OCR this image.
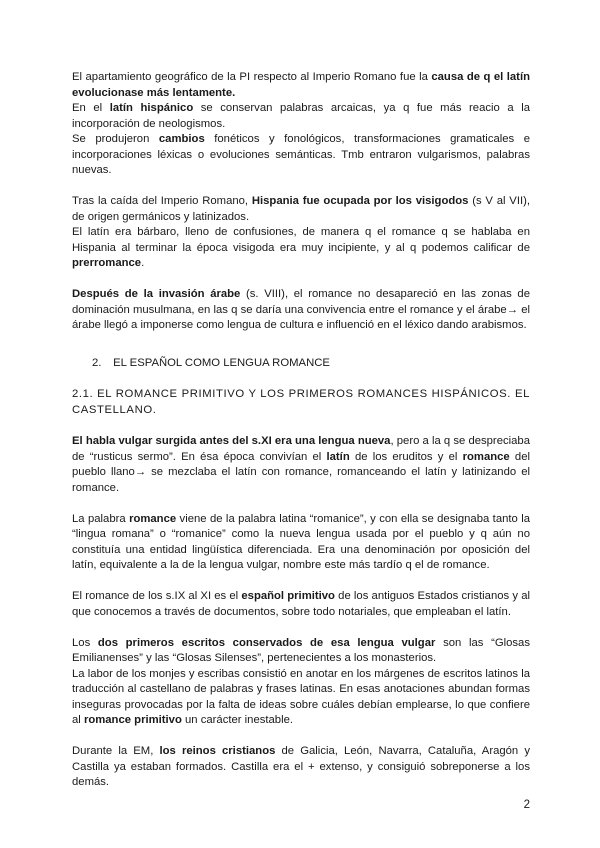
El apartamiento geográfico de la PI respecto al Imperio Romano fue la causa de q el latín evolucionase más lentamente.
En el latín hispánico se conservan palabras arcaicas, ya q fue más reacio a la incorporación de neologismos.
Se produjeron cambios fonéticos y fonológicos, transformaciones gramaticales e incorporaciones léxicas o evoluciones semánticas. Tmb entraron vulgarismos, palabras nuevas.
Tras la caída del Imperio Romano, Hispania fue ocupada por los visigodos (s V al VII), de origen germánicos y latinizados.
El latín era bárbaro, lleno de confusiones, de manera q el romance q se hablaba en Hispania al terminar la época visigoda era muy incipiente, y al q podemos calificar de prerromance.
Después de la invasión árabe (s. VIII), el romance no desapareció en las zonas de dominación musulmana, en las q se daría una convivencia entre el romance y el árabe→ el árabe llegó a imponerse como lengua de cultura e influenció en el léxico dando arabismos.
2. EL ESPAÑOL COMO LENGUA ROMANCE
2.1. EL ROMANCE PRIMITIVO Y LOS PRIMEROS ROMANCES HISPÁNICOS. EL CASTELLANO.
El habla vulgar surgida antes del s.XI era una lengua nueva, pero a la q se despreciaba de “rusticus sermo”. En ésa época convivían el latín de los eruditos y el romance del pueblo llano→ se mezclaba el latín con romance, romanceando el latín y latinizando el romance.
La palabra romance viene de la palabra latina “romanice”, y con ella se designaba tanto la “lingua romana” o “romanice” como la nueva lengua usada por el pueblo y q aún no constituía una entidad lingüística diferenciada. Era una denominación por oposición del latín, equivalente a la de la lengua vulgar, nombre este más tardío q el de romance.
El romance de los s.IX al XI es el español primitivo de los antiguos Estados cristianos y al que conocemos a través de documentos, sobre todo notariales, que empleaban el latín.
Los dos primeros escritos conservados de esa lengua vulgar son las “Glosas Emilianenses” y las “Glosas Silenses”, pertenecientes a los monasterios.
La labor de los monjes y escribas consistió en anotar en los márgenes de escritos latinos la traducción al castellano de palabras y frases latinas. En esas anotaciones abundan formas inseguras provocadas por la falta de ideas sobre cuáles debían emplearse, lo que confiere al romance primitivo un carácter inestable.
Durante la EM, los reinos cristianos de Galicia, León, Navarra, Cataluña, Aragón y Castilla ya estaban formados. Castilla era el + extenso, y consiguió sobreponerse a los demás.
2
